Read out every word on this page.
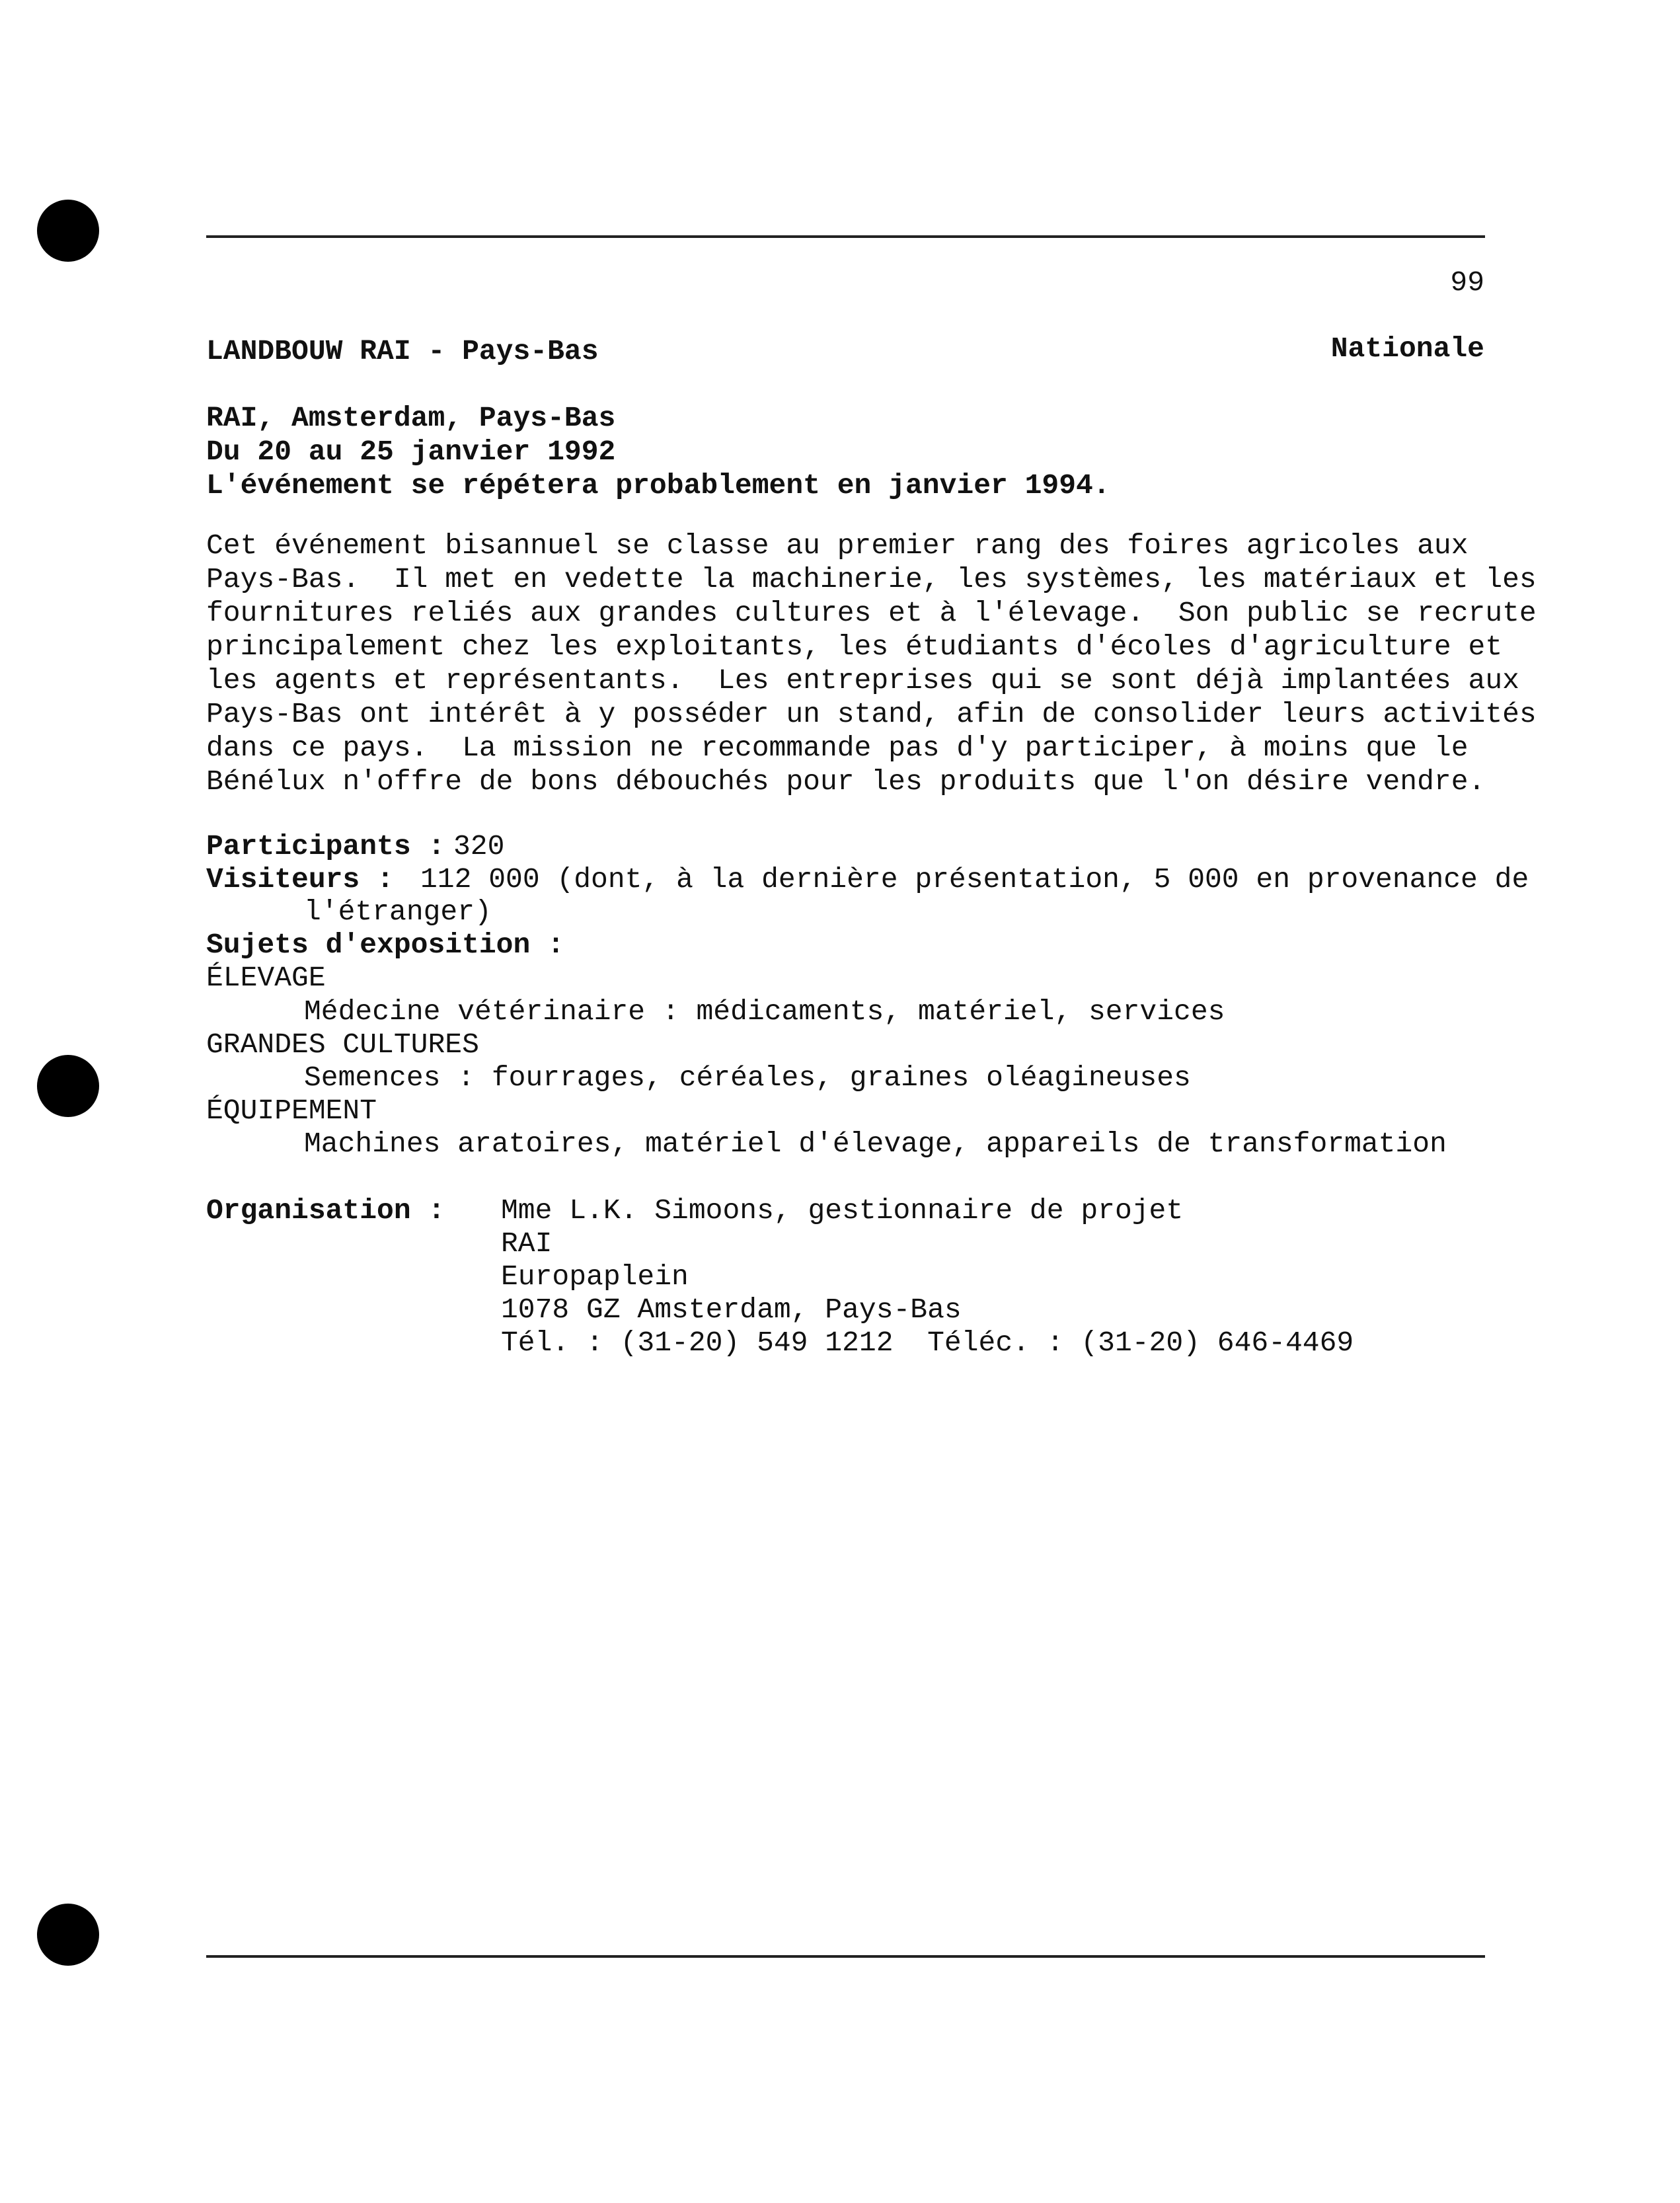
99
LANDBOUW RAI - Pays-Bas	Nationale
RAI, Amsterdam, Pays-Bas
Du 20 au 25 janvier 1992
L'événement se répétera probablement en janvier 1994.
Cet événement bisannuel se classe au premier rang des foires agricoles aux
Pays-Bas.  Il met en vedette la machinerie, les systèmes, les matériaux et les
fournitures reliés aux grandes cultures et à l'élevage.  Son public se recrute
principalement chez les exploitants, les étudiants d'écoles d'agriculture et
les agents et représentants.  Les entreprises qui se sont déjà implantées aux
Pays-Bas ont intérêt à y posséder un stand, afin de consolider leurs activités
dans ce pays.  La mission ne recommande pas d'y participer, à moins que le
Bénélux n'offre de bons débouchés pour les produits que l'on désire vendre.
Participants : 320
Visiteurs : 112 000 (dont, à la dernière présentation, 5 000 en provenance de
l'étranger)
Sujets d'exposition :
ÉLEVAGE
Médecine vétérinaire : médicaments, matériel, services
GRANDES CULTURES
Semences : fourrages, céréales, graines oléagineuses
ÉQUIPEMENT
Machines aratoires, matériel d'élevage, appareils de transformation
Organisation : Mme L.K. Simoons, gestionnaire de projet
RAI
Europaplein
1078 GZ Amsterdam, Pays-Bas
Tél. : (31-20) 549 1212  Téléc. : (31-20) 646-4469
